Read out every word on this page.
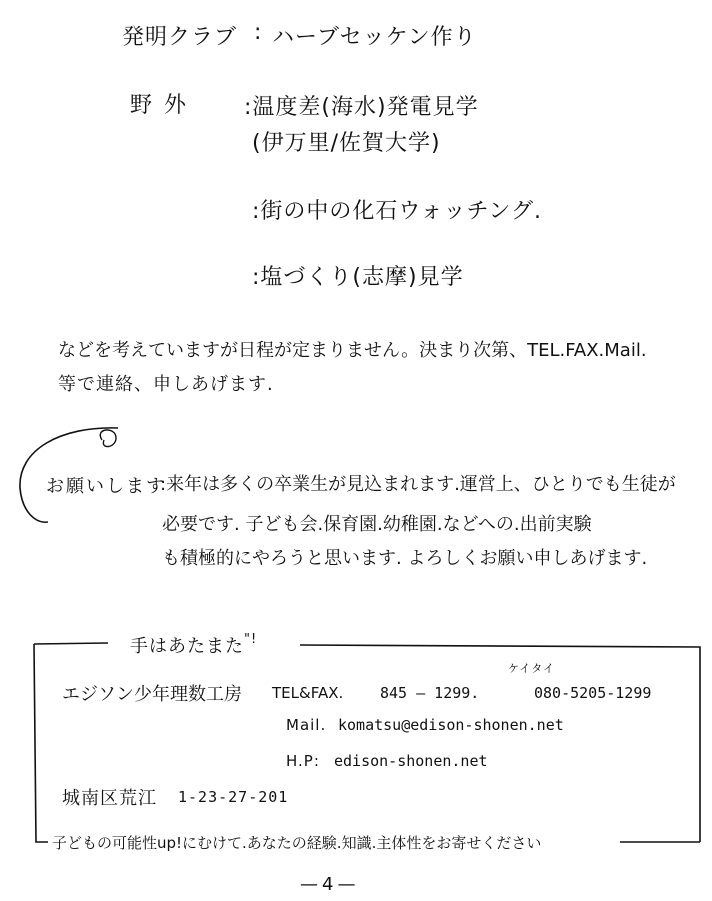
発明クラブ : ハーブセッケン作り
野外 :温度差(海水)発電見学
(伊万里/佐賀大学)
:街の中の化石ウォッチング.
:塩づくり(志摩)見学
などを考えていますが日程が定まりません。決まり次第、TEL.FAX.Mail.
等で連絡、申しあげます.
お願いします
:来年は多くの卒業生が見込まれます.運営上、ひとりでも生徒が
必要です. 子ども会.保育園.幼稚園.などへの.出前実験
も積極的にやろうと思います. よろしくお願い申しあげます.
手はあたまた"!
ケイタイ
エジソン少年理数工房 TEL&FAX. 845 — 1299.	080-5205-1299
Mail. komatsu@edison-shonen.net
H.P: edison-shonen.net
城南区荒江 1-23-27-201
子どもの可能性up!にむけて.あなたの経験.知識.主体性をお寄せください
—4—
